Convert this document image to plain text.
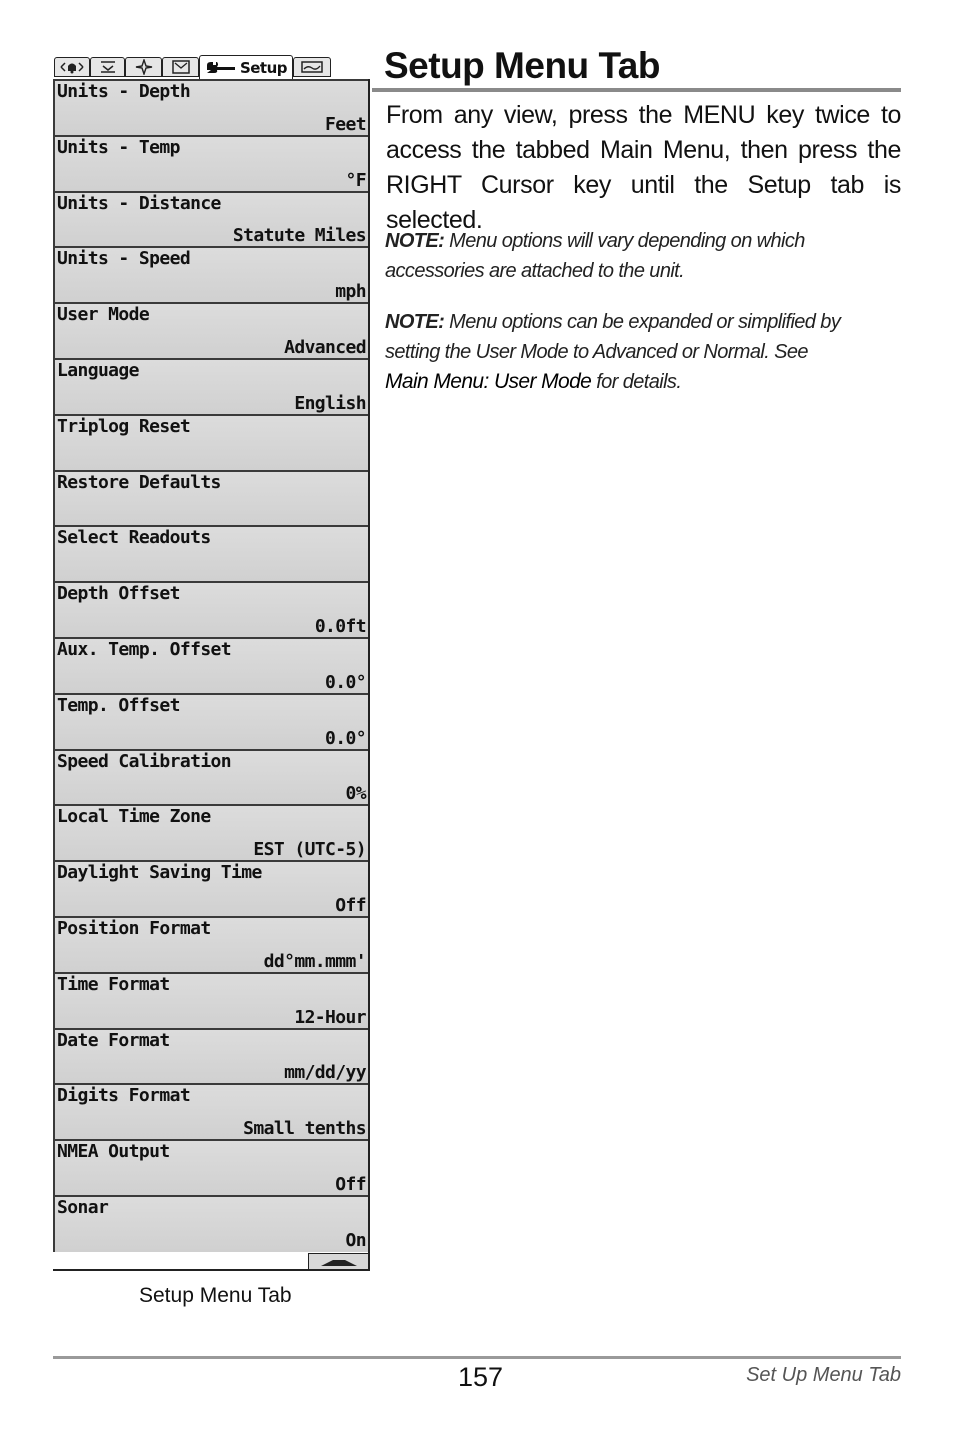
Setup
Units - Depth
Feet
Units - Temp
°F
Units - Distance
Statute Miles
Units - Speed
mph
User Mode
Advanced
Language
English
Triplog Reset
Restore Defaults
Select Readouts
Depth Offset
0.0ft
Aux. Temp. Offset
0.0°
Temp. Offset
0.0°
Speed Calibration
0%
Local Time Zone
EST (UTC-5)
Daylight Saving Time
Off
Position Format
dd°mm.mmm'
Time Format
12-Hour
Date Format
mm/dd/yy
Digits Format
Small tenths
NMEA Output
Off
Sonar
On
Setup Menu Tab
Setup Menu Tab
From any view, press the MENU key twice to access the tabbed Main Menu, then press the RIGHT Cursor key until the Setup tab is selected.
NOTE: Menu options will vary depending on which accessories are attached to the unit.
NOTE: Menu options can be expanded or simplified by setting the User Mode to Advanced or Normal. See Main Menu: User Mode for details.
157	Set Up Menu Tab
